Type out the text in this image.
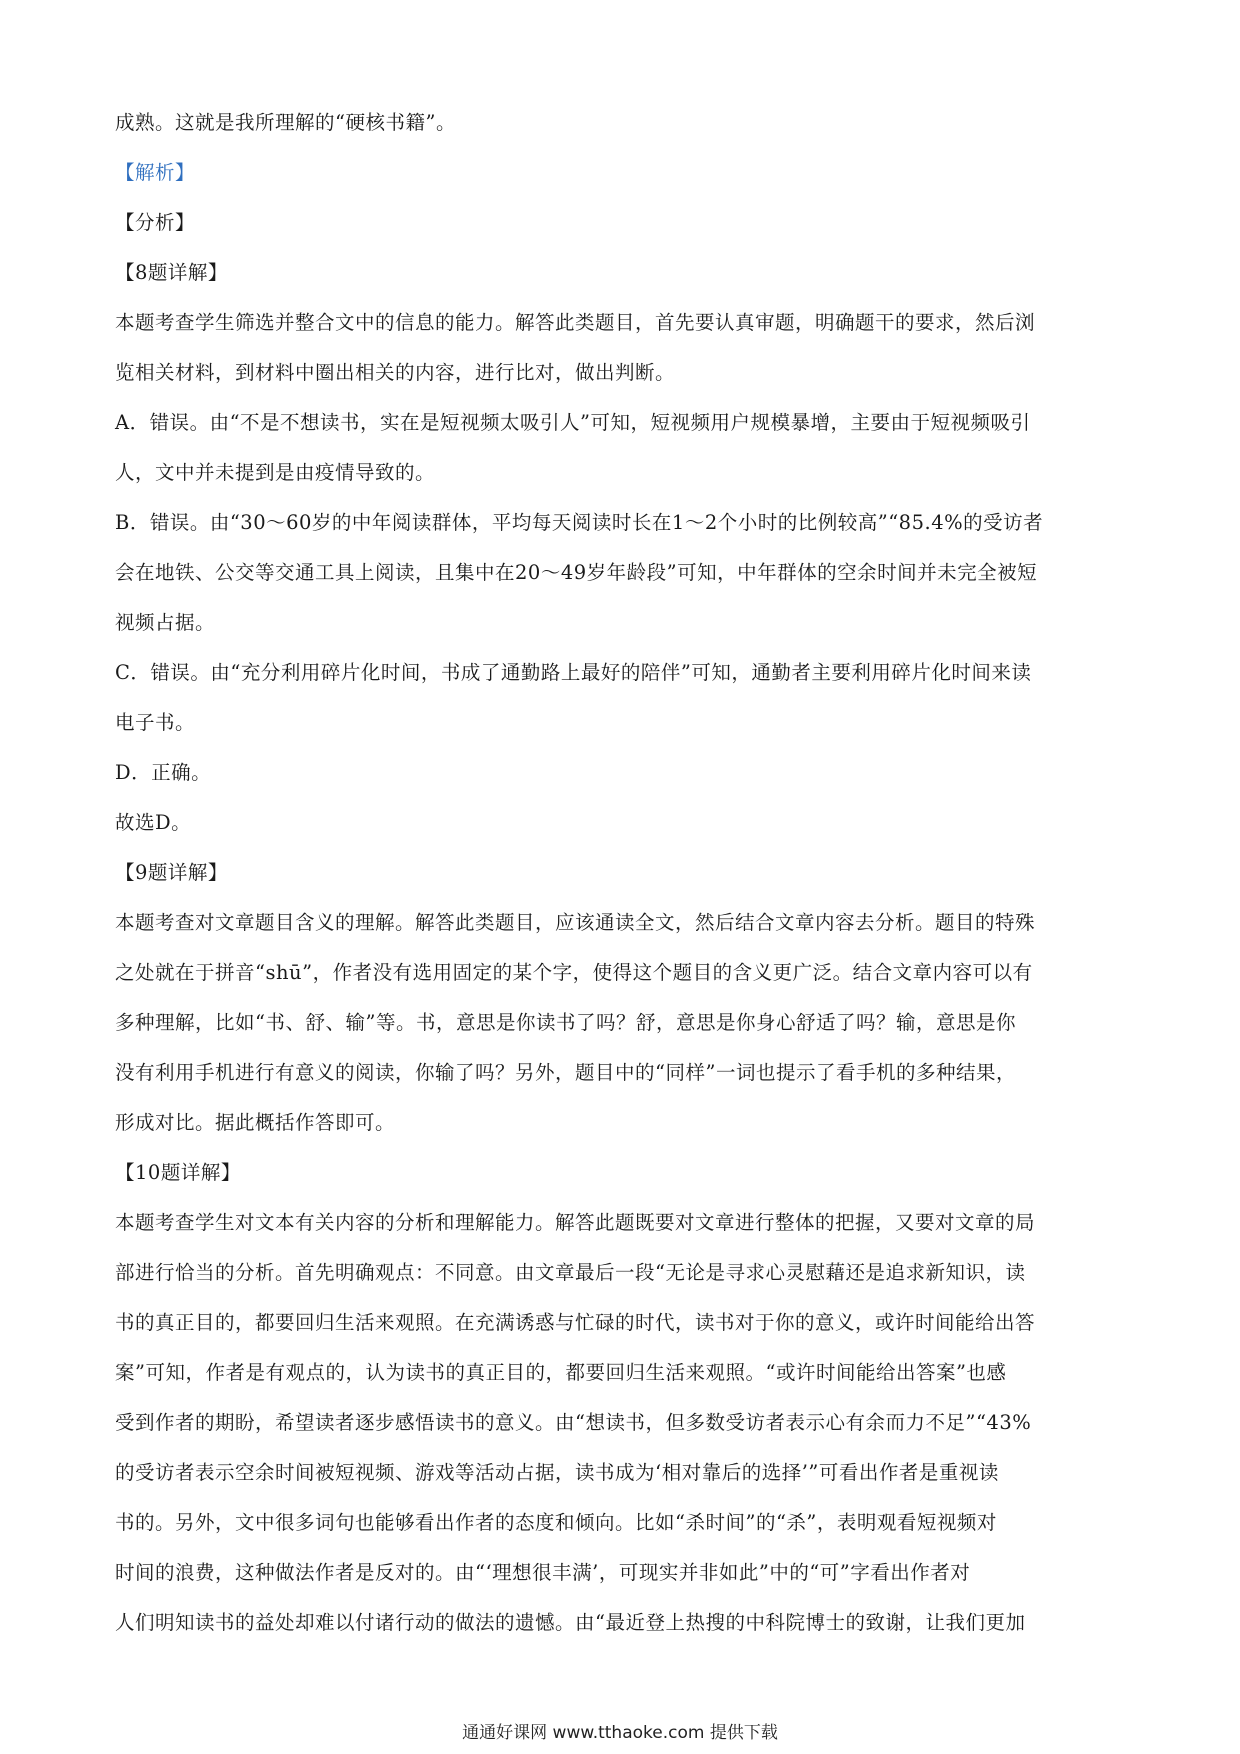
成熟。这就是我所理解的“硬核书籍”。
【解析】
【分析】
【8题详解】
本题考查学生筛选并整合文中的信息的能力。解答此类题目，首先要认真审题，明确题干的要求，然后浏
览相关材料，到材料中圈出相关的内容，进行比对，做出判断。
A．错误。由“不是不想读书，实在是短视频太吸引人”可知，短视频用户规模暴增，主要由于短视频吸引
人，文中并未提到是由疫情导致的。
B．错误。由“30～60岁的中年阅读群体，平均每天阅读时长在1～2个小时的比例较高”“85.4%的受访者
会在地铁、公交等交通工具上阅读，且集中在20～49岁年龄段”可知，中年群体的空余时间并未完全被短
视频占据。
C．错误。由“充分利用碎片化时间，书成了通勤路上最好的陪伴”可知，通勤者主要利用碎片化时间来读
电子书。
D．正确。
故选D。
【9题详解】
本题考查对文章题目含义的理解。解答此类题目，应该通读全文，然后结合文章内容去分析。题目的特殊
之处就在于拼音“shū”，作者没有选用固定的某个字，使得这个题目的含义更广泛。结合文章内容可以有
多种理解，比如“书、舒、输”等。书，意思是你读书了吗？舒，意思是你身心舒适了吗？输，意思是你
没有利用手机进行有意义的阅读，你输了吗？另外，题目中的“同样”一词也提示了看手机的多种结果，
形成对比。据此概括作答即可。
【10题详解】
本题考查学生对文本有关内容的分析和理解能力。解答此题既要对文章进行整体的把握，又要对文章的局
部进行恰当的分析。首先明确观点：不同意。由文章最后一段“无论是寻求心灵慰藉还是追求新知识，读
书的真正目的，都要回归生活来观照。在充满诱惑与忙碌的时代，读书对于你的意义，或许时间能给出答
案”可知，作者是有观点的，认为读书的真正目的，都要回归生活来观照。“或许时间能给出答案”也感
受到作者的期盼，希望读者逐步感悟读书的意义。由“想读书，但多数受访者表示心有余而力不足”“43%
的受访者表示空余时间被短视频、游戏等活动占据，读书成为‘相对靠后的选择’”可看出作者是重视读
书的。另外，文中很多词句也能够看出作者的态度和倾向。比如“杀时间”的“杀”，表明观看短视频对
时间的浪费，这种做法作者是反对的。由“‘理想很丰满’，可现实并非如此”中的“可”字看出作者对
人们明知读书的益处却难以付诸行动的做法的遗憾。由“最近登上热搜的中科院博士的致谢，让我们更加
通通好课网 www.tthaoke.com 提供下载
